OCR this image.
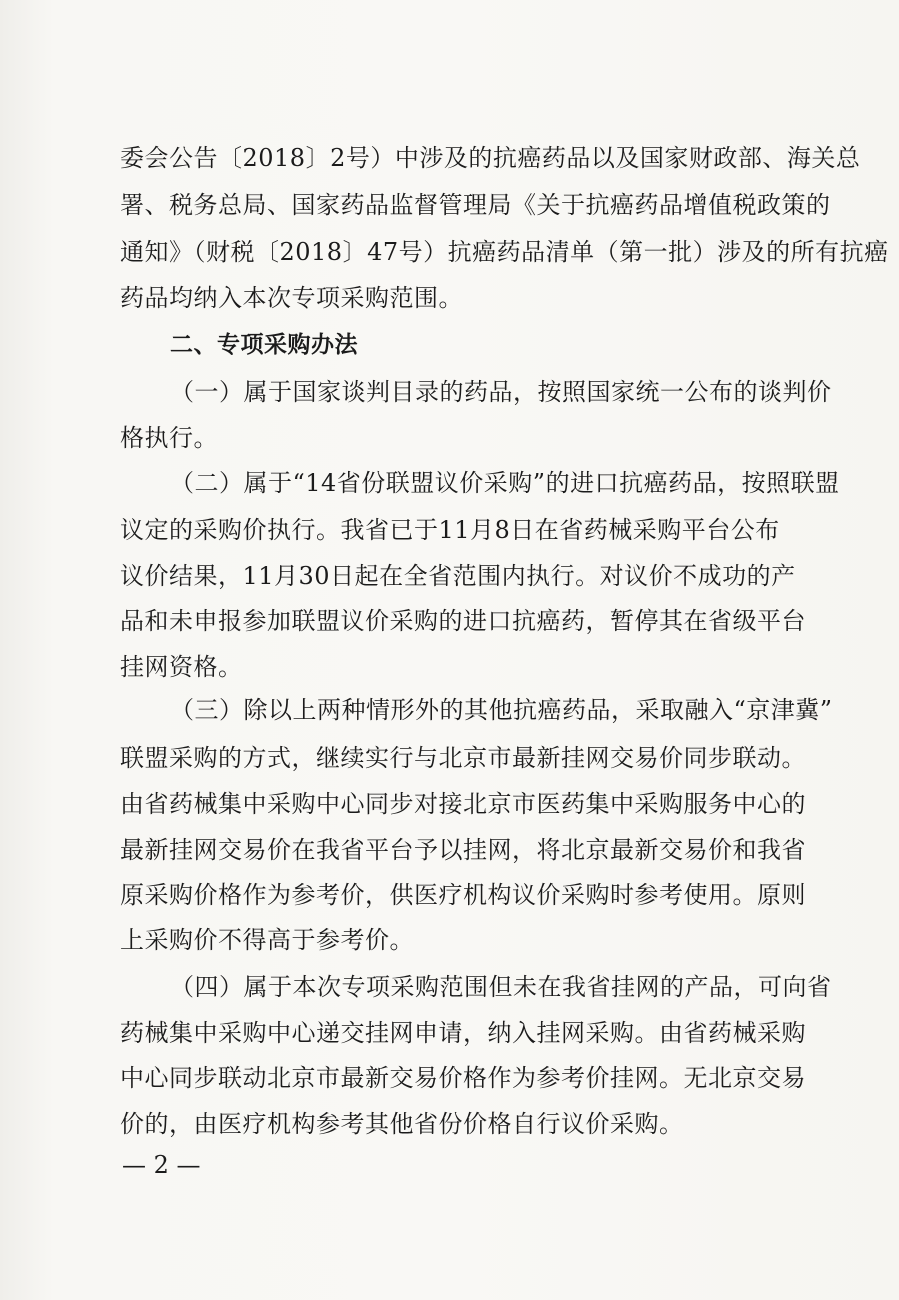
委会公告〔2018〕2号）中涉及的抗癌药品以及国家财政部、海关总
署、税务总局、国家药品监督管理局《关于抗癌药品增值税政策的
通知》（财税〔2018〕47号）抗癌药品清单（第一批）涉及的所有抗癌
药品均纳入本次专项采购范围。
二、专项采购办法
（一）属于国家谈判目录的药品，按照国家统一公布的谈判价
格执行。
（二）属于“14省份联盟议价采购”的进口抗癌药品，按照联盟
议定的采购价执行。我省已于11月8日在省药械采购平台公布
议价结果，11月30日起在全省范围内执行。对议价不成功的产
品和未申报参加联盟议价采购的进口抗癌药，暂停其在省级平台
挂网资格。
（三）除以上两种情形外的其他抗癌药品，采取融入“京津冀”
联盟采购的方式，继续实行与北京市最新挂网交易价同步联动。
由省药械集中采购中心同步对接北京市医药集中采购服务中心的
最新挂网交易价在我省平台予以挂网，将北京最新交易价和我省
原采购价格作为参考价，供医疗机构议价采购时参考使用。原则
上采购价不得高于参考价。
（四）属于本次专项采购范围但未在我省挂网的产品，可向省
药械集中采购中心递交挂网申请，纳入挂网采购。由省药械采购
中心同步联动北京市最新交易价格作为参考价挂网。无北京交易
价的，由医疗机构参考其他省份价格自行议价采购。
— 2 —
